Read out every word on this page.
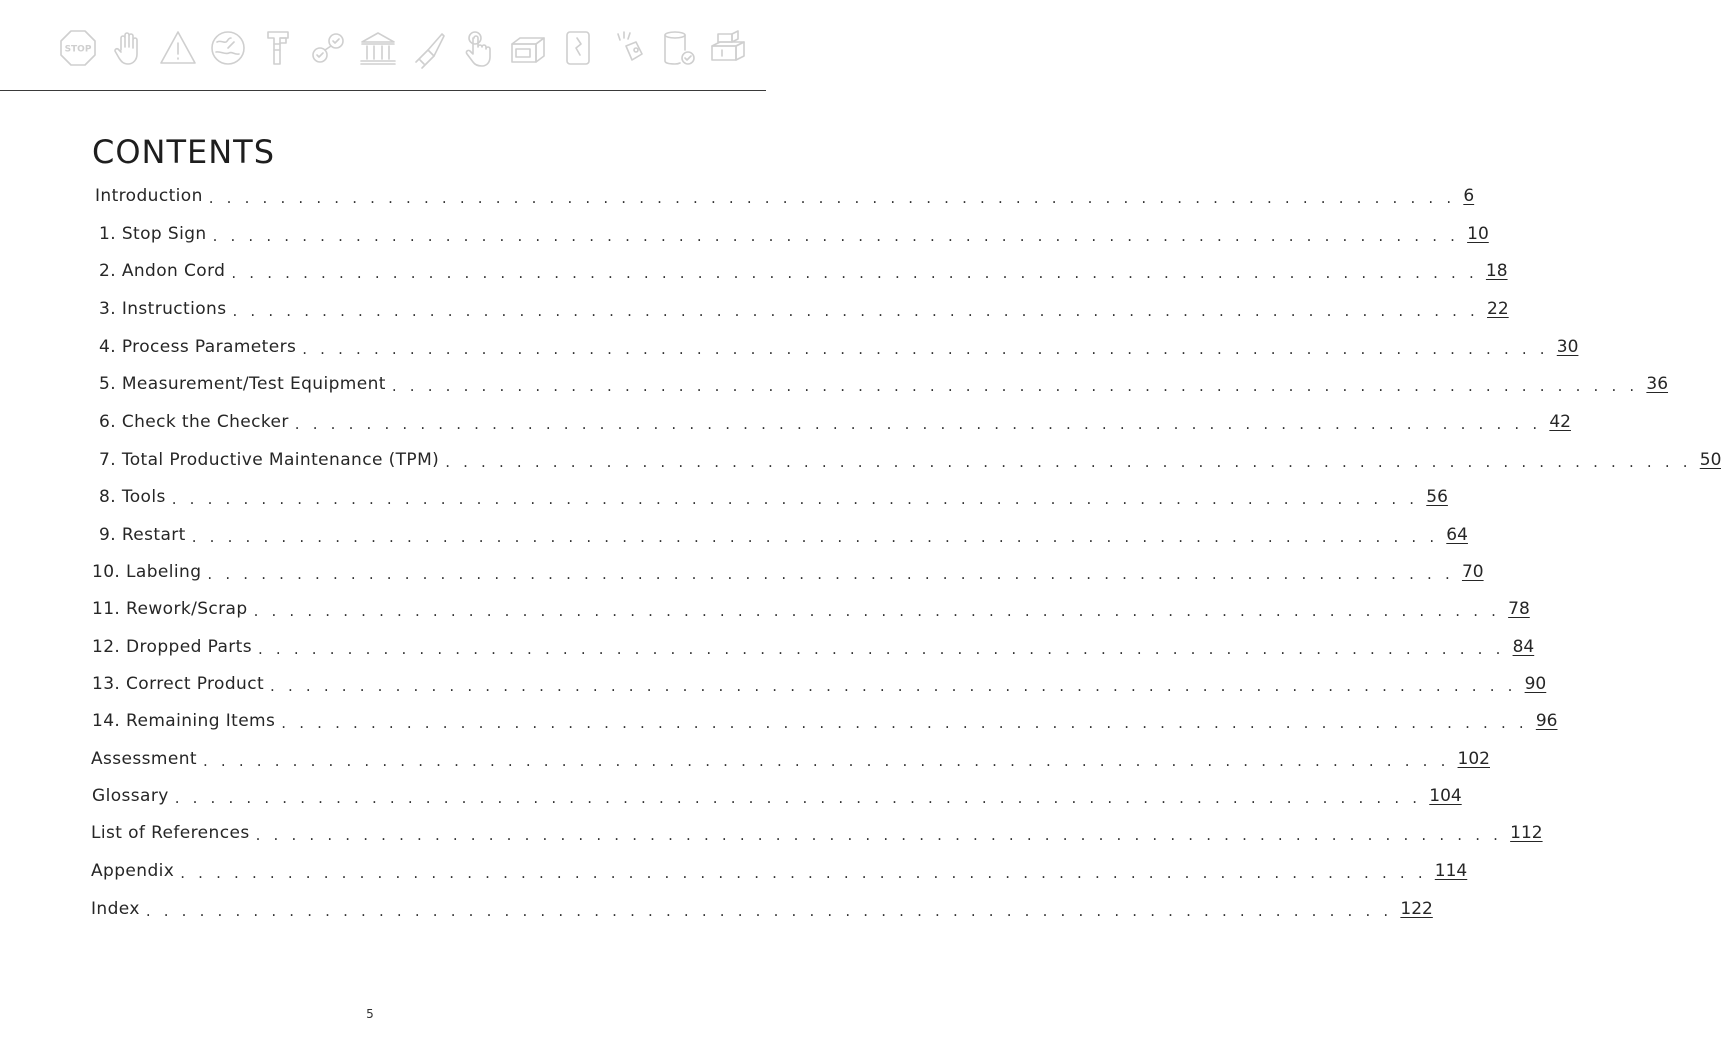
STOP
CONTENTS
Introduction . . . . . . . . . . . . . . . . . . . . . . . . . . . . . . . . . . . . . . . . . . . . . . . . . . . . . . . . . . . . . . . . . . . . . . 6
1. Stop Sign . . . . . . . . . . . . . . . . . . . . . . . . . . . . . . . . . . . . . . . . . . . . . . . . . . . . . . . . . . . . . . . . . . . . . . 10
2. Andon Cord . . . . . . . . . . . . . . . . . . . . . . . . . . . . . . . . . . . . . . . . . . . . . . . . . . . . . . . . . . . . . . . . . . . . . . 18
3. Instructions . . . . . . . . . . . . . . . . . . . . . . . . . . . . . . . . . . . . . . . . . . . . . . . . . . . . . . . . . . . . . . . . . . . . . . 22
4. Process Parameters . . . . . . . . . . . . . . . . . . . . . . . . . . . . . . . . . . . . . . . . . . . . . . . . . . . . . . . . . . . . . . . . . . . . . . 30
5. Measurement/Test Equipment . . . . . . . . . . . . . . . . . . . . . . . . . . . . . . . . . . . . . . . . . . . . . . . . . . . . . . . . . . . . . . . . . . . . . . 36
6. Check the Checker . . . . . . . . . . . . . . . . . . . . . . . . . . . . . . . . . . . . . . . . . . . . . . . . . . . . . . . . . . . . . . . . . . . . . . 42
7. Total Productive Maintenance (TPM) . . . . . . . . . . . . . . . . . . . . . . . . . . . . . . . . . . . . . . . . . . . . . . . . . . . . . . . . . . . . . . . . . . . . . . 50
8. Tools . . . . . . . . . . . . . . . . . . . . . . . . . . . . . . . . . . . . . . . . . . . . . . . . . . . . . . . . . . . . . . . . . . . . . . 56
9. Restart . . . . . . . . . . . . . . . . . . . . . . . . . . . . . . . . . . . . . . . . . . . . . . . . . . . . . . . . . . . . . . . . . . . . . . 64
10. Labeling . . . . . . . . . . . . . . . . . . . . . . . . . . . . . . . . . . . . . . . . . . . . . . . . . . . . . . . . . . . . . . . . . . . . . . 70
11. Rework/Scrap . . . . . . . . . . . . . . . . . . . . . . . . . . . . . . . . . . . . . . . . . . . . . . . . . . . . . . . . . . . . . . . . . . . . . . 78
12. Dropped Parts . . . . . . . . . . . . . . . . . . . . . . . . . . . . . . . . . . . . . . . . . . . . . . . . . . . . . . . . . . . . . . . . . . . . . . 84
13. Correct Product . . . . . . . . . . . . . . . . . . . . . . . . . . . . . . . . . . . . . . . . . . . . . . . . . . . . . . . . . . . . . . . . . . . . . . 90
14. Remaining Items . . . . . . . . . . . . . . . . . . . . . . . . . . . . . . . . . . . . . . . . . . . . . . . . . . . . . . . . . . . . . . . . . . . . . . 96
Assessment . . . . . . . . . . . . . . . . . . . . . . . . . . . . . . . . . . . . . . . . . . . . . . . . . . . . . . . . . . . . . . . . . . . . . . 102
Glossary . . . . . . . . . . . . . . . . . . . . . . . . . . . . . . . . . . . . . . . . . . . . . . . . . . . . . . . . . . . . . . . . . . . . . . 104
List of References . . . . . . . . . . . . . . . . . . . . . . . . . . . . . . . . . . . . . . . . . . . . . . . . . . . . . . . . . . . . . . . . . . . . . . 112
Appendix . . . . . . . . . . . . . . . . . . . . . . . . . . . . . . . . . . . . . . . . . . . . . . . . . . . . . . . . . . . . . . . . . . . . . . 114
Index . . . . . . . . . . . . . . . . . . . . . . . . . . . . . . . . . . . . . . . . . . . . . . . . . . . . . . . . . . . . . . . . . . . . . . 122
5
